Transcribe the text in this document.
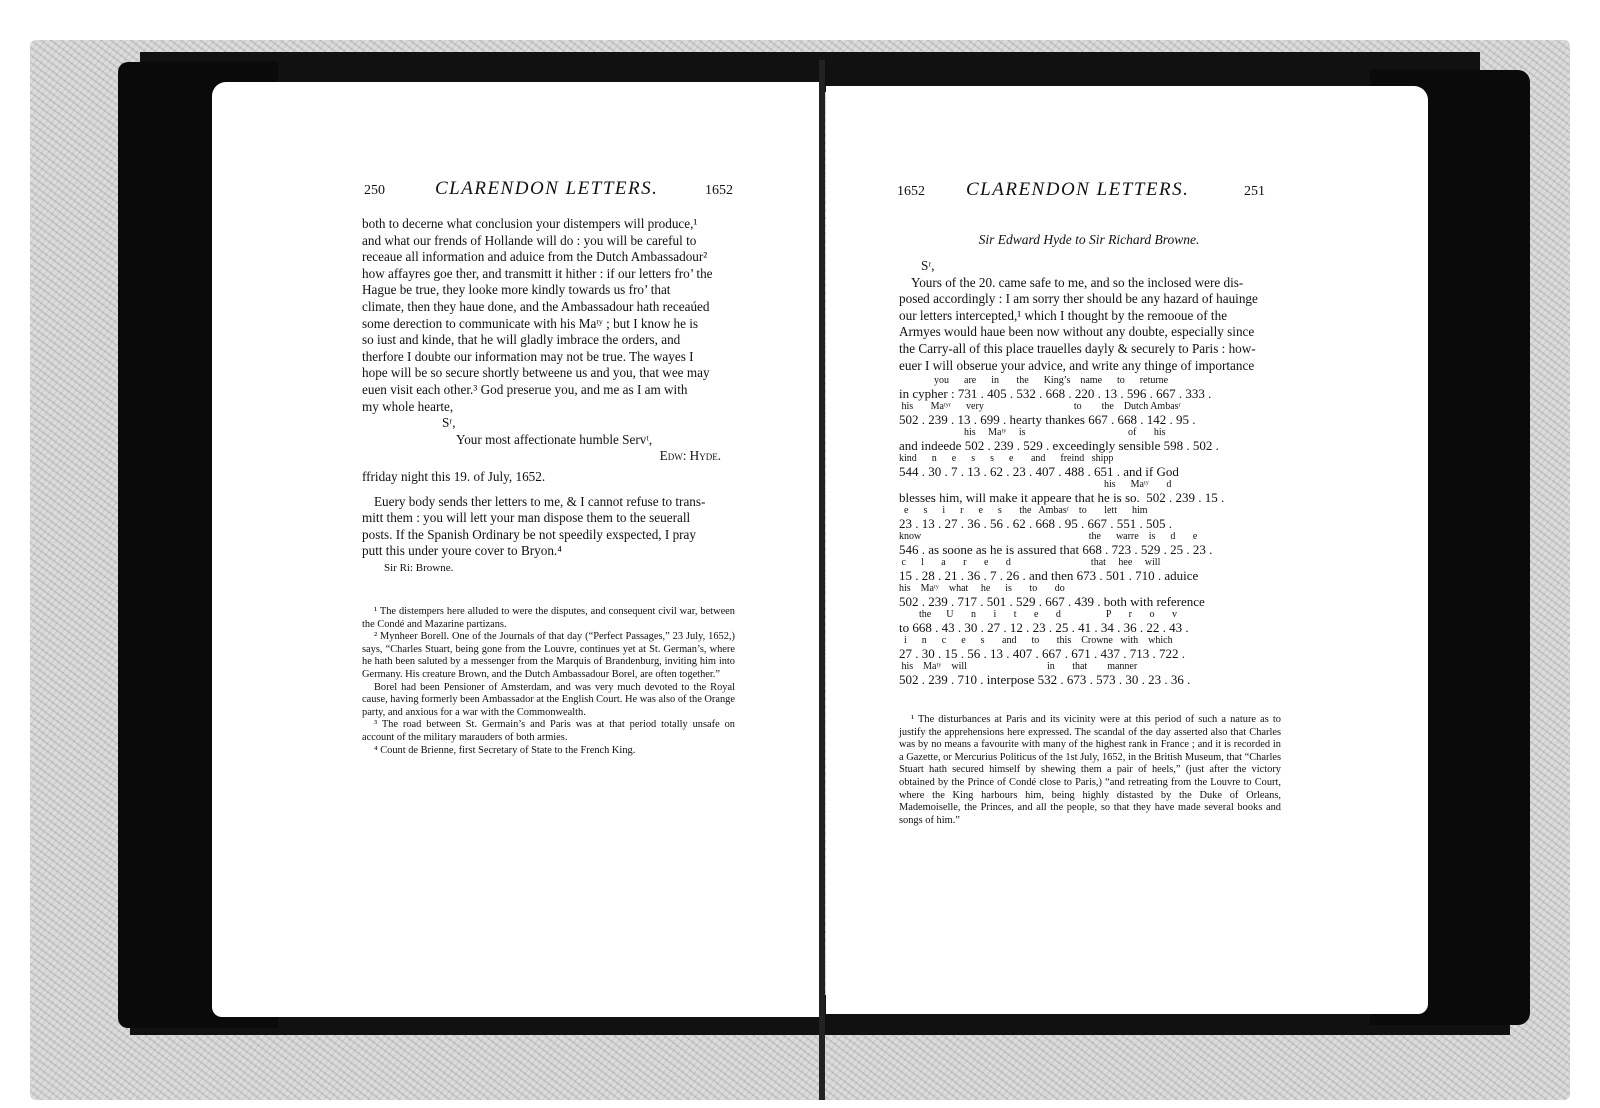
250	CLARENDON LETTERS.	1652
both to decerne what conclusion your distempers will produce,¹
and what our frends of Hollande will do : you will be careful to
receaue all information and aduice from the Dutch Ambassadour²
how affayres goe ther, and transmitt it hither : if our letters fro’ the
Hague be true, they looke more kindly towards us fro’ that
climate, then they haue done, and the Ambassadour hath receaúed
some derection to communicate with his Maᵗʸ ; but I know he is
so iust and kinde, that he will gladly imbrace the orders, and
therfore I doubte our information may not be true. The wayes I
hope will be so secure shortly betweene us and you, that wee may
euen visit each other.³ God preserue you, and me as I am with
my whole hearte,
Sʳ,
Your most affectionate humble Servᵗ,
Edw: Hyde.
ffriday night this 19. of July, 1652.
Euery body sends ther letters to me, & I cannot refuse to trans-
mitt them : you will lett your man dispose them to the seuerall
posts. If the Spanish Ordinary be not speedily exspected, I pray
putt this under youre cover to Bryon.⁴
Sir Ri: Browne.

¹ The distempers here alluded to were the disputes, and consequent civil war, between the Condé and Mazarine partizans.

² Mynheer Borell. One of the Journals of that day (“Perfect Passages,” 23 July, 1652,) says, “Charles Stuart, being gone from the Louvre, continues yet at St. German’s, where he hath been saluted by a messenger from the Marquis of Brandenburg, inviting him into Germany. His creature Brown, and the Dutch Ambassadour Borel, are often together.”

Borel had been Pensioner of Amsterdam, and was very much devoted to the Royal cause, having formerly been Ambassador at the English Court. He was also of the Orange party, and anxious for a war with the Commonwealth.

³ The road between St. Germain’s and Paris was at that period totally unsafe on account of the military marauders of both armies.

⁴ Count de Brienne, first Secretary of State to the French King.

1652 CLARENDON LETTERS.	251
Sir Edward Hyde to Sir Richard Browne.
Sʳ,
Yours of the 20. came safe to me, and so the inclosed were dis-
posed accordingly : I am sorry ther should be any hazard of hauinge
our letters intercepted,¹ which I thought by the remooue of the
Armyes would haue been now without any doubte, especially since
the Carry-all of this place trauelles dayly & securely to Paris : how-
euer I will obserue your advice, and write any thinge of importance
you      are      in       the      King’s    name      to      returne
in cypher : 731 . 405 . 532 . 668 . 220 . 13 . 596 . 667 . 333 .
his       Maᵗʸʳ      very                                    to        the    Dutch Ambasʳ
502 . 239 . 13 . 699 . hearty thankes 667 . 668 . 142 . 95 .
his     Maᵗʸ     is                                         of       his
and indeede 502 . 239 . 529 . exceedingly sensible 598 . 502 .
kind      n      e      s      s      e       and      freind   shipp
544 . 30 . 7 . 13 . 62 . 23 . 407 . 488 . 651 . and if God
his      Maᵗʸ       d
blesses him, will make it appeare that he is so.  502 . 239 . 15 .
e      s      i      r      e      s       the   Ambasʳ    to       lett      him
23 . 13 . 27 . 36 . 56 . 62 . 668 . 95 . 667 . 551 . 505 .
know                                                                   the      warre    is      d       e
546 . as soone as he is assured that 668 . 723 . 529 . 25 . 23 .
c      l       a       r       e       d                                that     hee     will
15 . 28 . 21 . 36 . 7 . 26 . and then 673 . 501 . 710 . aduice
his    Maᵗʸ    what     he      is       to       do
502 . 239 . 717 . 501 . 529 . 667 . 439 . both with reference
the      U       n       i       t       e       d                  P       r       o       v
to 668 . 43 . 30 . 27 . 12 . 23 . 25 . 41 . 34 . 36 . 22 . 43 .
i      n      c      e      s       and      to       this    Crowne   with    which
27 . 30 . 15 . 56 . 13 . 407 . 667 . 671 . 437 . 713 . 722 .
his    Maᵗʸ    will                                in       that        manner
502 . 239 . 710 . interpose 532 . 673 . 573 . 30 . 23 . 36 .

¹ The disturbances at Paris and its vicinity were at this period of such a nature as to justify the apprehensions here expressed. The scandal of the day asserted also that Charles was by no means a favourite with many of the highest rank in France ; and it is recorded in a Gazette, or Mercurius Politicus of the 1st July, 1652, in the British Museum, that “Charles Stuart hath secured himself by shewing them a pair of heels,” (just after the victory obtained by the Prince of Condé close to Paris,) “and retreating from the Louvre to Court, where the King harbours him, being highly distasted by the Duke of Orleans, Mademoiselle, the Princes, and all the people, so that they have made several books and songs of him.”
